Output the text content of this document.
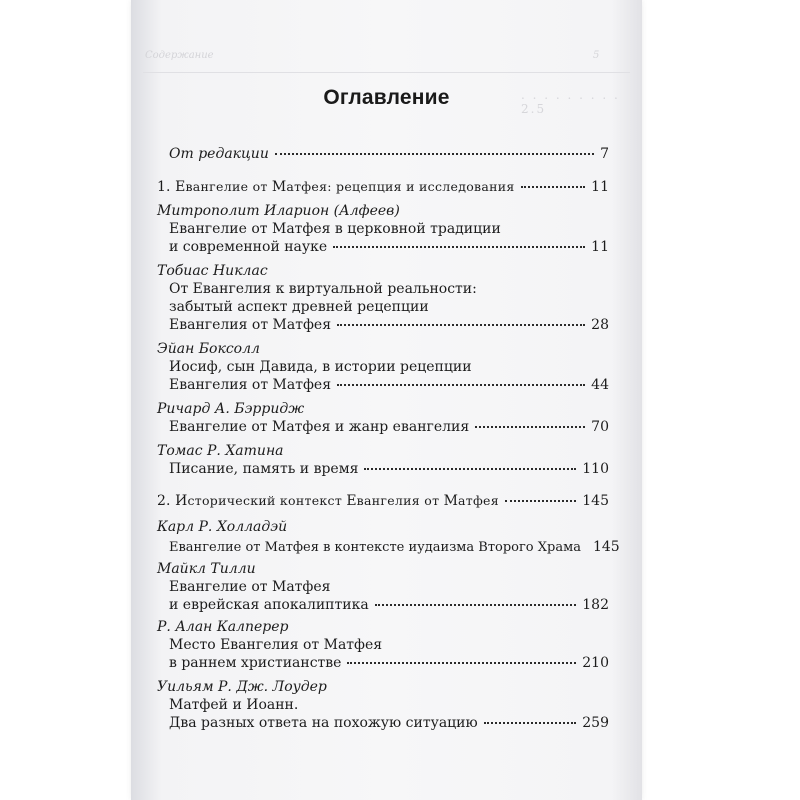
Содержание	5
. . . . . . . . . 2.5
Оглавление
От редакции	7
1. Евангелие от Матфея: рецепция и исследования	11
Митрополит Иларион (Алфеев)
Евангелие от Матфея в церковной традиции
и современной науке	11
Тобиас Никлас
От Евангелия к виртуальной реальности:
забытый аспект древней рецепции
Евангелия от Матфея	28
Эйан Боксолл
Иосиф, сын Давида, в истории рецепции
Евангелия от Матфея	44
Ричард А. Бэрридж
Евангелие от Матфея и жанр евангелия	70
Томас Р. Хатина
Писание, память и время	110
2. Исторический контекст Евангелия от Матфея	145
Карл Р. Холладэй
Евангелие от Матфея в контексте иудаизма Второго Храма 145
Майкл Тилли
Евангелие от Матфея
и еврейская апокалиптика	182
Р. Алан Калперер
Место Евангелия от Матфея
в раннем христианстве	210
Уильям Р. Дж. Лоудер
Матфей и Иоанн.
Два разных ответа на похожую ситуацию	259
